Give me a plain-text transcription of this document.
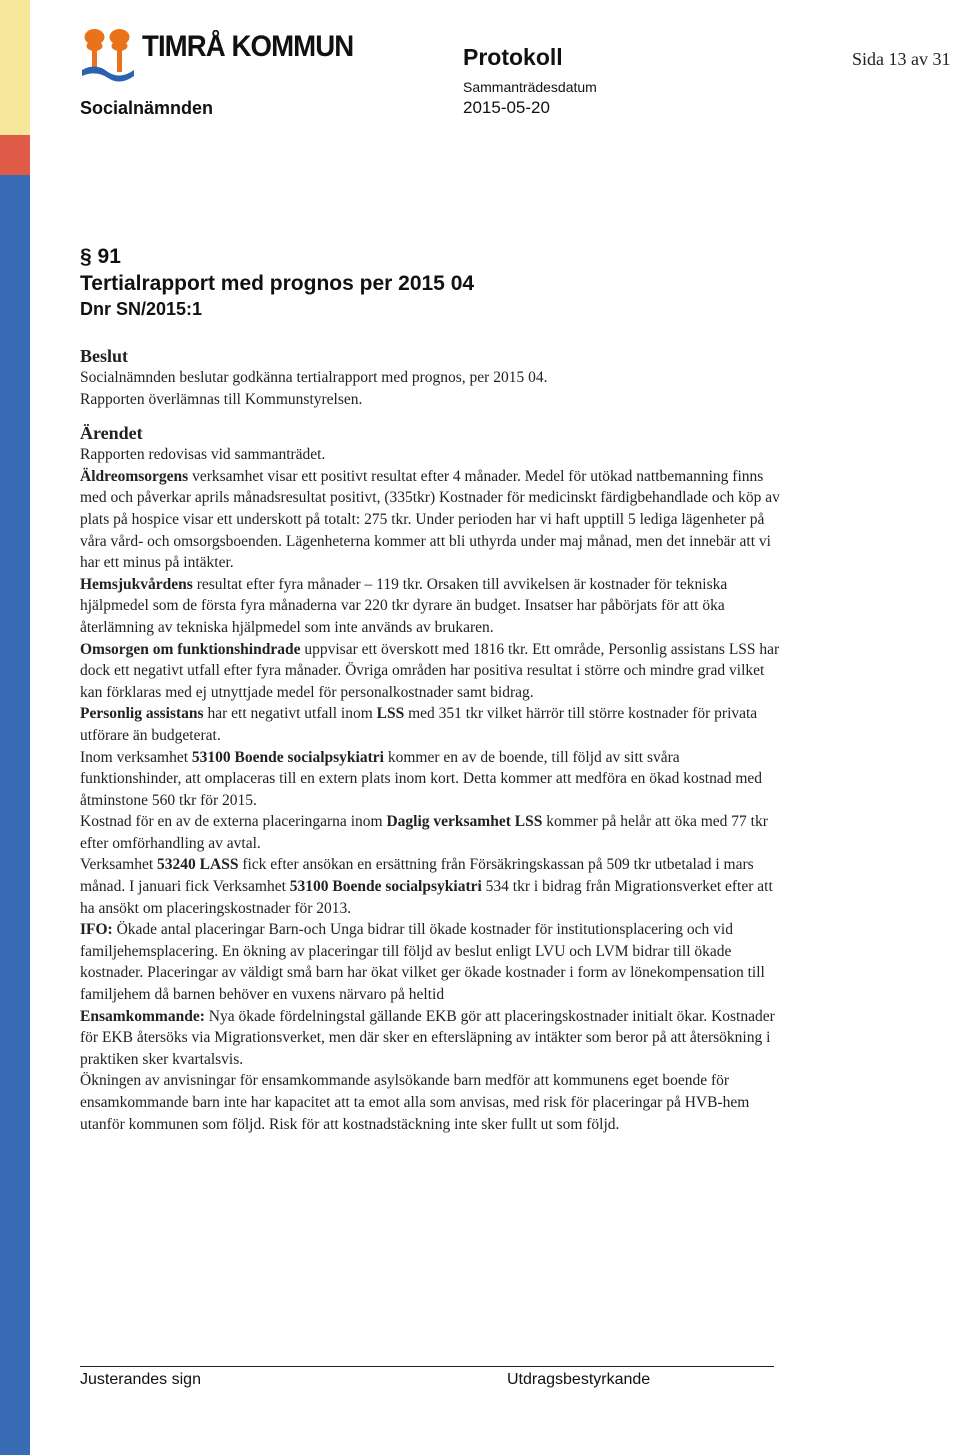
TIMRÅ KOMMUN
Socialnämnden
Protokoll
Sammanträdesdatum
2015-05-20
Sida 13 av 31
§ 91
Tertialrapport med prognos per 2015 04
Dnr SN/2015:1

Beslut

Socialnämnden beslutar godkänna tertialrapport med prognos, per 2015 04.

Rapporten överlämnas till Kommunstyrelsen.

Ärendet

Rapporten redovisas vid sammanträdet.

Äldreomsorgens verksamhet visar ett positivt resultat efter 4 månader. Medel för utökad nattbemanning finns med och påverkar aprils månadsresultat positivt, (335tkr) Kostnader för medicinskt färdigbehandlade och köp av plats på hospice visar ett underskott på totalt: 275 tkr. Under perioden har vi haft upptill 5 lediga lägenheter på våra vård- och omsorgsboenden. Lägenheterna kommer att bli uthyrda under maj månad, men det innebär att vi har ett minus på intäkter.

Hemsjukvårdens resultat efter fyra månader – 119 tkr. Orsaken till avvikelsen är kostnader för tekniska hjälpmedel som de första fyra månaderna var 220 tkr dyrare än budget. Insatser har påbörjats för att öka återlämning av tekniska hjälpmedel som inte används av brukaren.

Omsorgen om funktionshindrade uppvisar ett överskott med 1816 tkr. Ett område, Personlig assistans LSS har dock ett negativt utfall efter fyra månader. Övriga områden har positiva resultat i större och mindre grad vilket kan förklaras med ej utnyttjade medel för personalkostnader samt bidrag.

Personlig assistans har ett negativt utfall inom LSS med 351 tkr vilket härrör till större kostnader för privata utförare än budgeterat.

Inom verksamhet 53100 Boende socialpsykiatri kommer en av de boende, till följd av sitt svåra funktionshinder, att omplaceras till en extern plats inom kort. Detta kommer att medföra en ökad kostnad med åtminstone 560 tkr för 2015.

Kostnad för en av de externa placeringarna inom Daglig verksamhet LSS kommer på helår att öka med 77 tkr efter omförhandling av avtal.

Verksamhet 53240 LASS fick efter ansökan en ersättning från Försäkringskassan på 509 tkr utbetalad i mars månad. I januari fick Verksamhet 53100 Boende socialpsykiatri 534 tkr i bidrag från Migrationsverket efter att ha ansökt om placeringskostnader för 2013.

IFO: Ökade antal placeringar Barn-och Unga bidrar till ökade kostnader för institutionsplacering och vid familjehemsplacering. En ökning av placeringar till följd av beslut enligt LVU och LVM bidrar till ökade kostnader. Placeringar av väldigt små barn har ökat vilket ger ökade kostnader i form av lönekompensation till familjehem då barnen behöver en vuxens närvaro på heltid

Ensamkommande: Nya ökade fördelningstal gällande EKB gör att placeringskostnader initialt ökar. Kostnader för EKB återsöks via Migrationsverket, men där sker en eftersläpning av intäkter som beror på att återsökning i praktiken sker kvartalsvis.

Ökningen av anvisningar för ensamkommande asylsökande barn medför att kommunens eget boende för ensamkommande barn inte har kapacitet att ta emot alla som anvisas, med risk för placeringar på HVB-hem utanför kommunen som följd. Risk för att kostnadstäckning inte sker fullt ut som följd.

Justerandes sign	Utdragsbestyrkande
